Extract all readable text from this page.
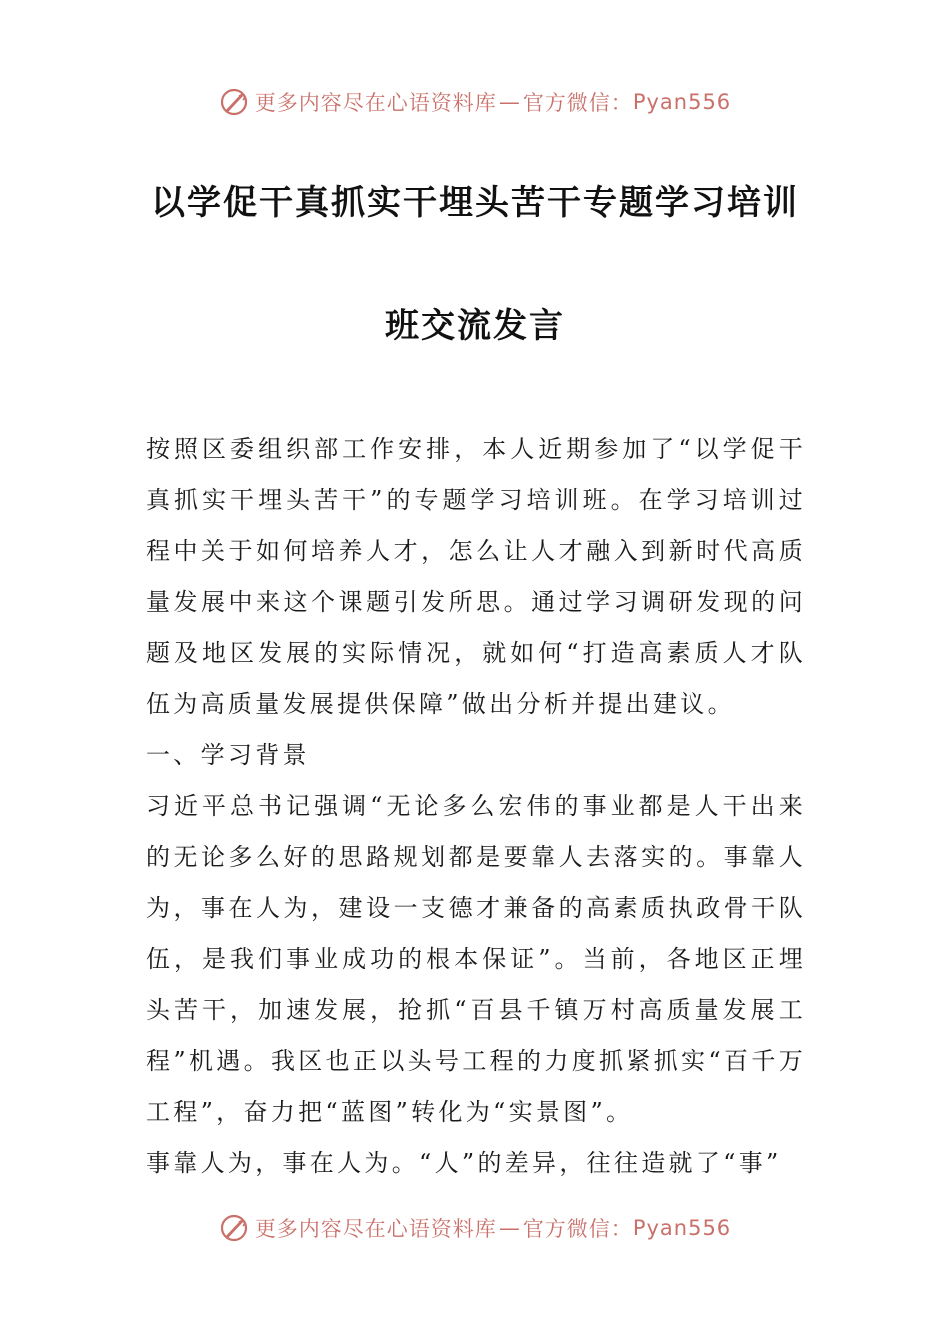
更多内容尽在心语资料库 — 官方微信： Pyan556
以学促干真抓实干埋头苦干专题学习培训
班交流发言

按照区委组织部工作安排，本人近期参加了“以学促干真抓实干埋头苦干”的专题学习培训班。在学习培训过程中关于如何培养人才，怎么让人才融入到新时代高质量发展中来这个课题引发所思。通过学习调研发现的问题及地区发展的实际情况，就如何“打造高素质人才队伍为高质量发展提供保障”做出分析并提出建议。

一、学习背景

习近平总书记强调“无论多么宏伟的事业都是人干出来的无论多么好的思路规划都是要靠人去落实的。事靠人为，事在人为，建设一支德才兼备的高素质执政骨干队伍，是我们事业成功的根本保证”。当前，各地区正埋头苦干，加速发展，抢抓“百县千镇万村高质量发展工程”机遇。我区也正以头号工程的力度抓紧抓实“百千万工程”，奋力把“蓝图”转化为“实景图”。

事靠人为，事在人为。“人”的差异，往往造就了“事”

更多内容尽在心语资料库 — 官方微信： Pyan556
